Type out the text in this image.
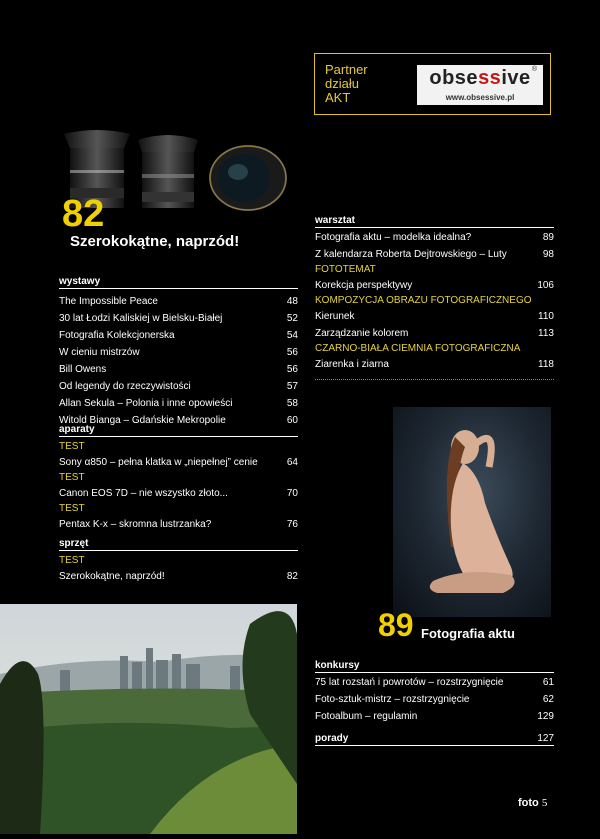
Partner
działu
AKT
obsessive ®
www.obsessive.pl
82
Szerokokątne, naprzód!
wystawy
The Impossible Peace	48
30 lat Łodzi Kaliskiej w Bielsku-Białej	52
Fotografia Kolekcjonerska	54
W cieniu mistrzów	56
Bill Owens	56
Od legendy do rzeczywistości	57
Allan Sekula – Polonia i inne opowieści	58
Witold Bianga – Gdańskie Mekropolie	60
aparaty
TEST
Sony α850 – pełna klatka w „niepełnej” cenie	64
TEST
Canon EOS 7D – nie wszystko złoto...	70
TEST
Pentax K-x – skromna lustrzanka?	76
sprzęt
TEST
Szerokokątne, naprzód!	82
warsztat
Fotografia aktu – modelka idealna?	89
Z kalendarza Roberta Dejtrowskiego – Luty	98
FOTOTEMAT
Korekcja perspektywy	106
KOMPOZYCJA OBRAZU FOTOGRAFICZNEGO
Kierunek	110
Zarządzanie kolorem	113
CZARNO-BIAŁA CIEMNIA FOTOGRAFICZNA
Ziarenka i ziarna	118
89 Fotografia aktu
konkursy
75 lat rozstań i powrotów – rozstrzygnięcie	61
Foto-sztuk-mistrz – rozstrzygnięcie	62
Fotoalbum – regulamin	129
porady	127
foto 5
